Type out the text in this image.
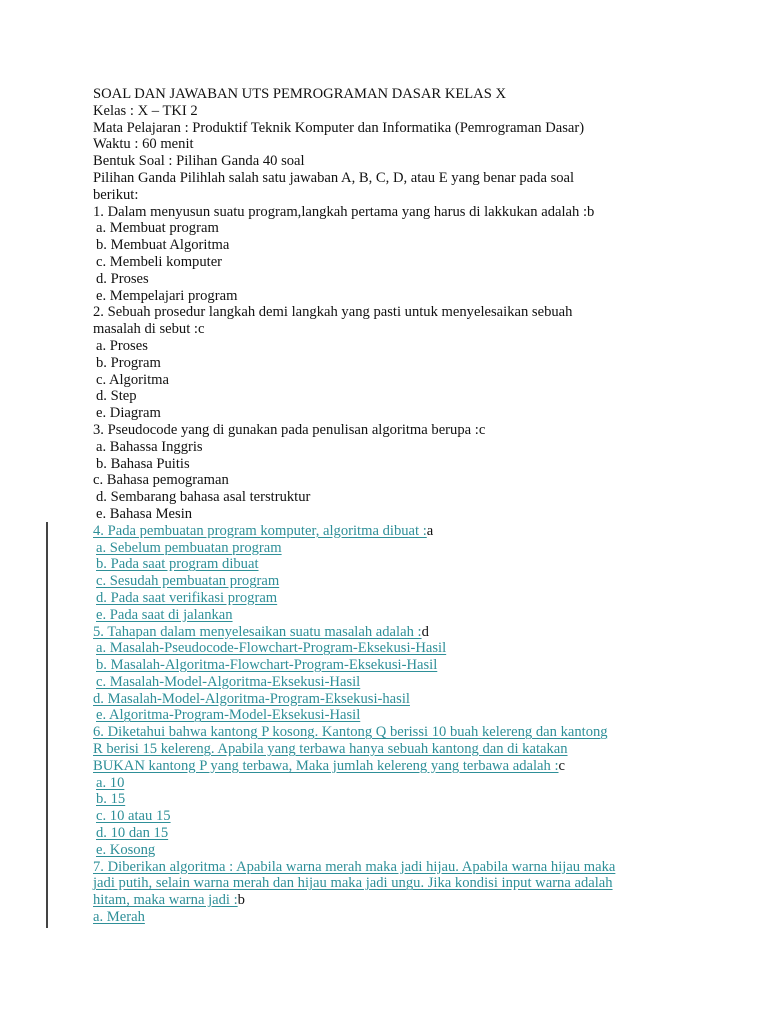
SOAL DAN JAWABAN UTS PEMROGRAMAN DASAR KELAS X
Kelas : X – TKI 2
Mata Pelajaran : Produktif Teknik Komputer dan Informatika (Pemrograman Dasar)
Waktu : 60 menit
Bentuk Soal : Pilihan Ganda 40 soal
Pilihan Ganda Pilihlah salah satu jawaban A, B, C, D, atau E yang benar pada soal
berikut:
1. Dalam menyusun suatu program,langkah pertama yang harus di lakkukan adalah :b
a. Membuat program
b. Membuat Algoritma
c. Membeli komputer
d. Proses
e. Mempelajari program
2. Sebuah prosedur langkah demi langkah yang pasti untuk menyelesaikan sebuah
masalah di sebut :c
a. Proses
b. Program
c. Algoritma
d. Step
e. Diagram
3. Pseudocode yang di gunakan pada penulisan algoritma berupa :c
a. Bahassa Inggris
b. Bahasa Puitis
c. Bahasa pemograman
d. Sembarang bahasa asal terstruktur
e. Bahasa Mesin
4. Pada pembuatan program komputer, algoritma dibuat :a
a. Sebelum pembuatan program
b. Pada saat program dibuat
c. Sesudah pembuatan program
d. Pada saat verifikasi program
e. Pada saat di jalankan
5. Tahapan dalam menyelesaikan suatu masalah adalah :d
a. Masalah-Pseudocode-Flowchart-Program-Eksekusi-Hasil
b. Masalah-Algoritma-Flowchart-Program-Eksekusi-Hasil
c. Masalah-Model-Algoritma-Eksekusi-Hasil
d. Masalah-Model-Algoritma-Program-Eksekusi-hasil
e. Algoritma-Program-Model-Eksekusi-Hasil
6. Diketahui bahwa kantong P kosong. Kantong Q berissi 10 buah kelereng dan kantong
R berisi 15 kelereng. Apabila yang terbawa hanya sebuah kantong dan di katakan
BUKAN kantong P yang terbawa, Maka jumlah kelereng yang terbawa adalah :c
a. 10
b. 15
c. 10 atau 15
d. 10 dan 15
e. Kosong
7. Diberikan algoritma : Apabila warna merah maka jadi hijau. Apabila warna hijau maka
jadi putih, selain warna merah dan hijau maka jadi ungu. Jika kondisi input warna adalah
hitam, maka warna jadi :b
a. Merah
